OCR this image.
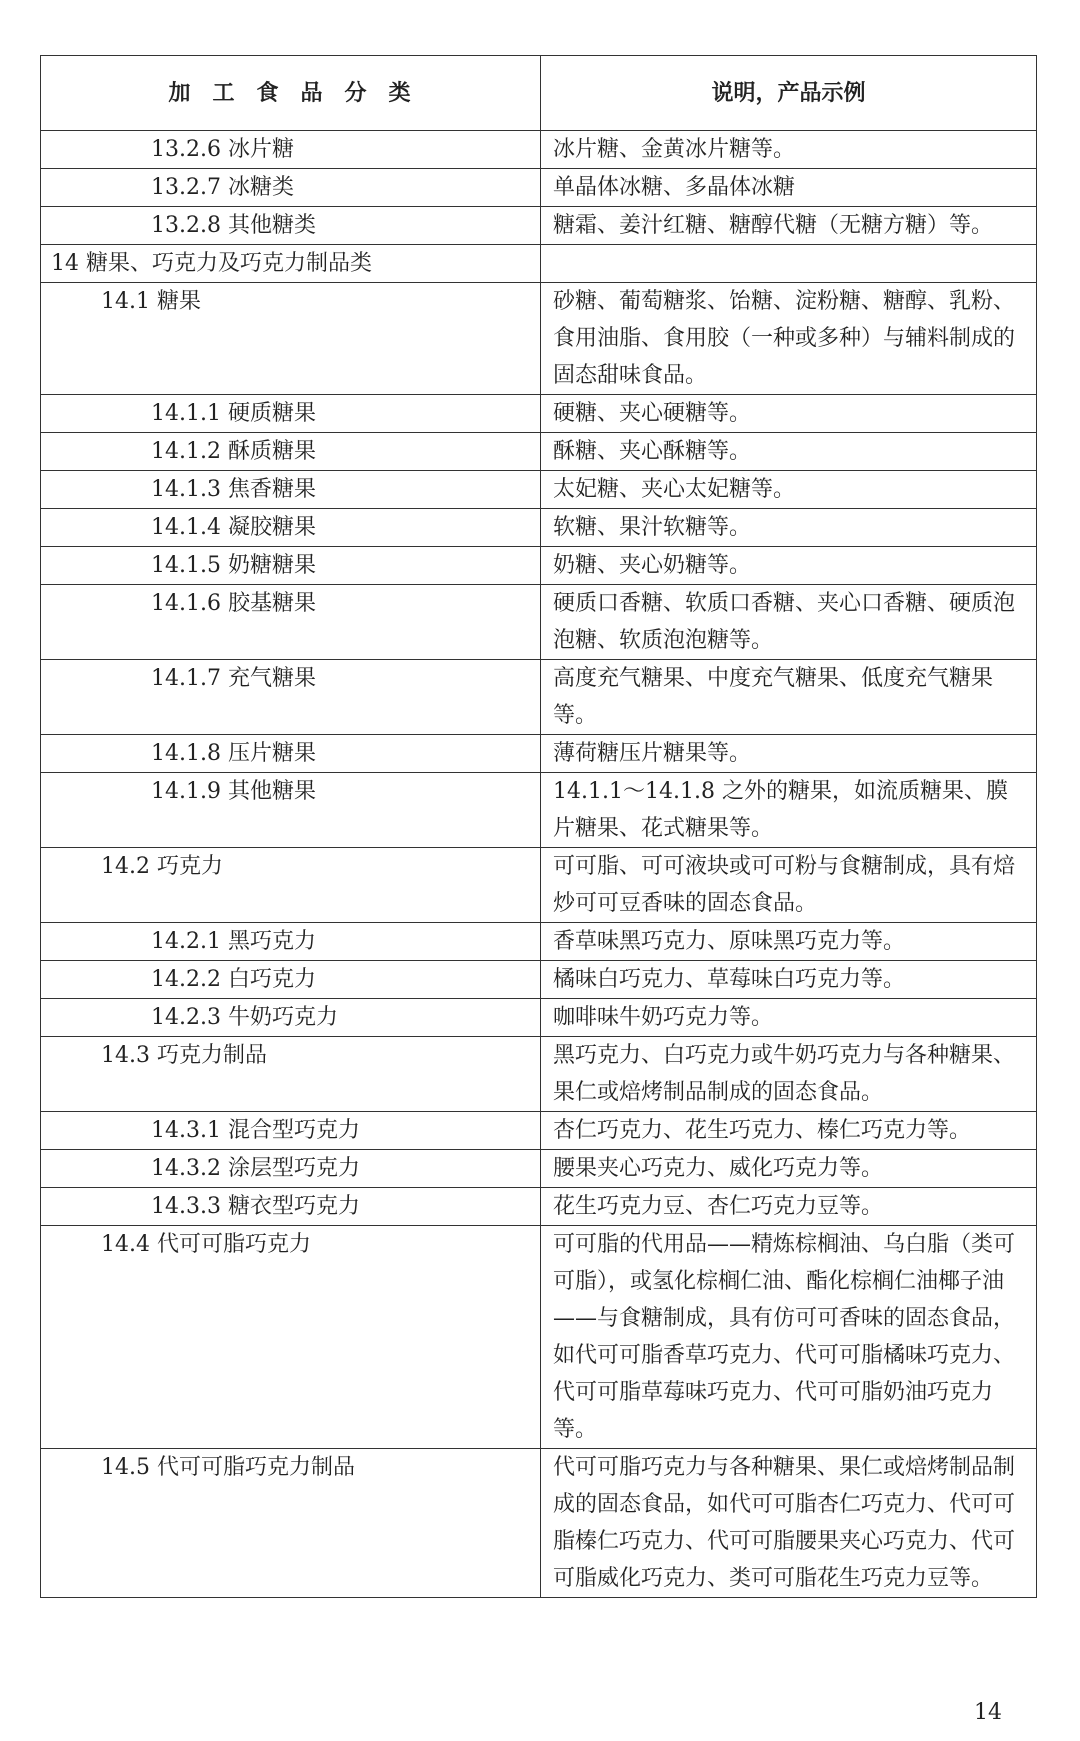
加工食品分类	说明，产品示例
13.2.6 冰片糖	冰片糖、金黄冰片糖等。
13.2.7 冰糖类	单晶体冰糖、多晶体冰糖
13.2.8 其他糖类	糖霜、姜汁红糖、糖醇代糖（无糖方糖）等。
14 糖果、巧克力及巧克力制品类	
14.1 糖果	砂糖、葡萄糖浆、饴糖、淀粉糖、糖醇、乳粉、食用油脂、食用胶（一种或多种）与辅料制成的固态甜味食品。
14.1.1 硬质糖果	硬糖、夹心硬糖等。
14.1.2 酥质糖果	酥糖、夹心酥糖等。
14.1.3 焦香糖果	太妃糖、夹心太妃糖等。
14.1.4 凝胶糖果	软糖、果汁软糖等。
14.1.5 奶糖糖果	奶糖、夹心奶糖等。
14.1.6 胶基糖果	硬质口香糖、软质口香糖、夹心口香糖、硬质泡泡糖、软质泡泡糖等。
14.1.7 充气糖果	高度充气糖果、中度充气糖果、低度充气糖果等。
14.1.8 压片糖果	薄荷糖压片糖果等。
14.1.9 其他糖果	14.1.1～14.1.8 之外的糖果，如流质糖果、膜片糖果、花式糖果等。
14.2 巧克力	可可脂、可可液块或可可粉与食糖制成，具有焙炒可可豆香味的固态食品。
14.2.1 黑巧克力	香草味黑巧克力、原味黑巧克力等。
14.2.2 白巧克力	橘味白巧克力、草莓味白巧克力等。
14.2.3 牛奶巧克力	咖啡味牛奶巧克力等。
14.3 巧克力制品	黑巧克力、白巧克力或牛奶巧克力与各种糖果、果仁或焙烤制品制成的固态食品。
14.3.1 混合型巧克力	杏仁巧克力、花生巧克力、榛仁巧克力等。
14.3.2 涂层型巧克力	腰果夹心巧克力、威化巧克力等。
14.3.3 糖衣型巧克力	花生巧克力豆、杏仁巧克力豆等。
14.4 代可可脂巧克力	可可脂的代用品——精炼棕榈油、乌白脂（类可可脂），或氢化棕榈仁油、酯化棕榈仁油椰子油——与食糖制成，具有仿可可香味的固态食品，如代可可脂香草巧克力、代可可脂橘味巧克力、代可可脂草莓味巧克力、代可可脂奶油巧克力等。
14.5 代可可脂巧克力制品	代可可脂巧克力与各种糖果、果仁或焙烤制品制成的固态食品，如代可可脂杏仁巧克力、代可可脂榛仁巧克力、代可可脂腰果夹心巧克力、代可可脂威化巧克力、类可可脂花生巧克力豆等。
14
